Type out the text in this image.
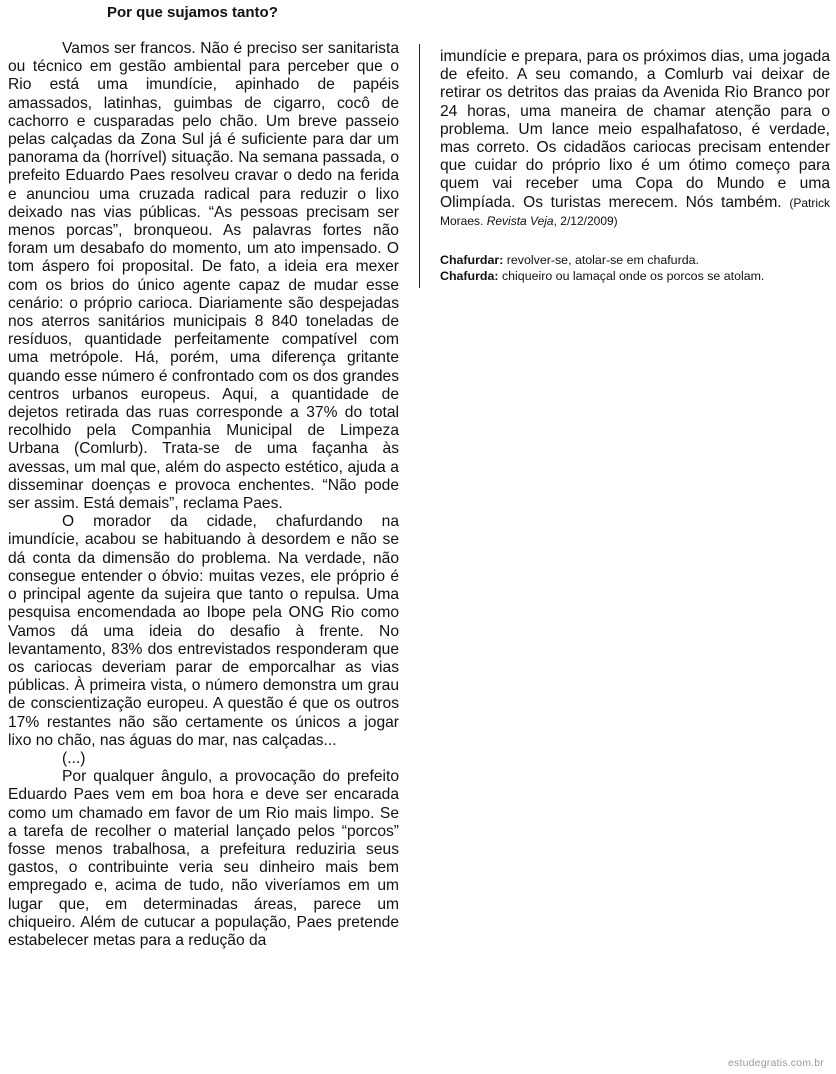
Por que sujamos tanto?

Vamos ser francos. Não é preciso ser sanitarista ou técnico em gestão ambiental para perceber que o Rio está uma imundície, apinhado de papéis amassados, latinhas, guimbas de cigarro, cocô de cachorro e cusparadas pelo chão. Um breve passeio pelas calçadas da Zona Sul já é suficiente para dar um panorama da (horrível) situação. Na semana passada, o prefeito Eduardo Paes resolveu cravar o dedo na ferida e anunciou uma cruzada radical para reduzir o lixo deixado nas vias públicas. “As pessoas precisam ser menos porcas”, bronqueou. As palavras fortes não foram um desabafo do momento, um ato impensado. O tom áspero foi proposital. De fato, a ideia era mexer com os brios do único agente capaz de mudar esse cenário: o próprio carioca. Diariamente são despejadas nos aterros sanitários municipais 8 840 toneladas de resíduos, quantidade perfeitamente compatível com uma metrópole. Há, porém, uma diferença gritante quando esse número é confrontado com os dos grandes centros urbanos europeus. Aqui, a quantidade de dejetos retirada das ruas corresponde a 37% do total recolhido pela Companhia Municipal de Limpeza Urbana (Comlurb). Trata-se de uma façanha às avessas, um mal que, além do aspecto estético, ajuda a disseminar doenças e provoca enchentes. “Não pode ser assim. Está demais”, reclama Paes.

O morador da cidade, chafurdando na imundície, acabou se habituando à desordem e não se dá conta da dimensão do problema. Na verdade, não consegue entender o óbvio: muitas vezes, ele próprio é o principal agente da sujeira que tanto o repulsa. Uma pesquisa encomendada ao Ibope pela ONG Rio como Vamos dá uma ideia do desafio à frente. No levantamento, 83% dos entrevistados responderam que os cariocas deveriam parar de emporcalhar as vias públicas. À primeira vista, o número demonstra um grau de conscientização europeu. A questão é que os outros 17% restantes não são certamente os únicos a jogar lixo no chão, nas águas do mar, nas calçadas...

(...)

Por qualquer ângulo, a provocação do prefeito Eduardo Paes vem em boa hora e deve ser encarada como um chamado em favor de um Rio mais limpo. Se a tarefa de recolher o material lançado pelos “porcos” fosse menos trabalhosa, a prefeitura reduziria seus gastos, o contribuinte veria seu dinheiro mais bem empregado e, acima de tudo, não viveríamos em um lugar que, em determinadas áreas, parece um chiqueiro. Além de cutucar a população, Paes pretende estabelecer metas para a redução da

imundície e prepara, para os próximos dias, uma jogada de efeito. A seu comando, a Comlurb vai deixar de retirar os detritos das praias da Avenida Rio Branco por 24 horas, uma maneira de chamar atenção para o problema. Um lance meio espalhafatoso, é verdade, mas correto. Os cidadãos cariocas precisam entender que cuidar do próprio lixo é um ótimo começo para quem vai receber uma Copa do Mundo e uma Olimpíada. Os turistas merecem. Nós também. (Patrick Moraes. Revista Veja, 2/12/2009)

Chafurdar: revolver-se, atolar-se em chafurda.
Chafurda: chiqueiro ou lamaçal onde os porcos se atolam.
estudegratis.com.br
